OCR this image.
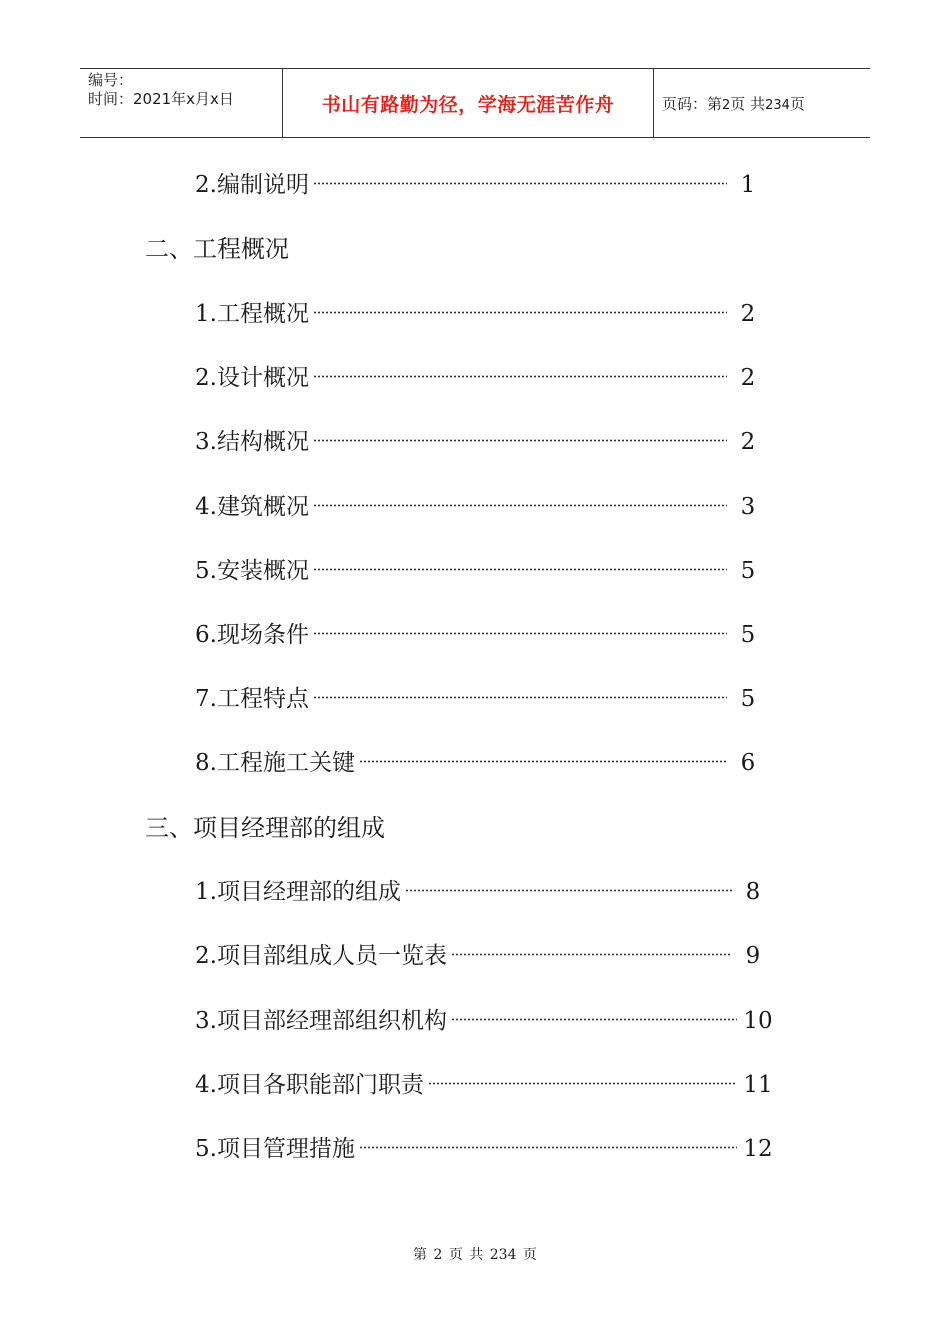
编号：
时间：2021年x月x日	书山有路勤为径，学海无涯苦作舟	页码：第2页 共234页
2.编制说明	1
二、工程概况
1.工程概况	2
2.设计概况	2
3.结构概况	2
4.建筑概况	3
5.安装概况	5
6.现场条件	5
7.工程特点	5
8.工程施工关键	6
三、项目经理部的组成
1.项目经理部的组成	8
2.项目部组成人员一览表	9
3.项目部经理部组织机构	10
4.项目各职能部门职责	11
5.项目管理措施	12
第 2 页 共 234 页
